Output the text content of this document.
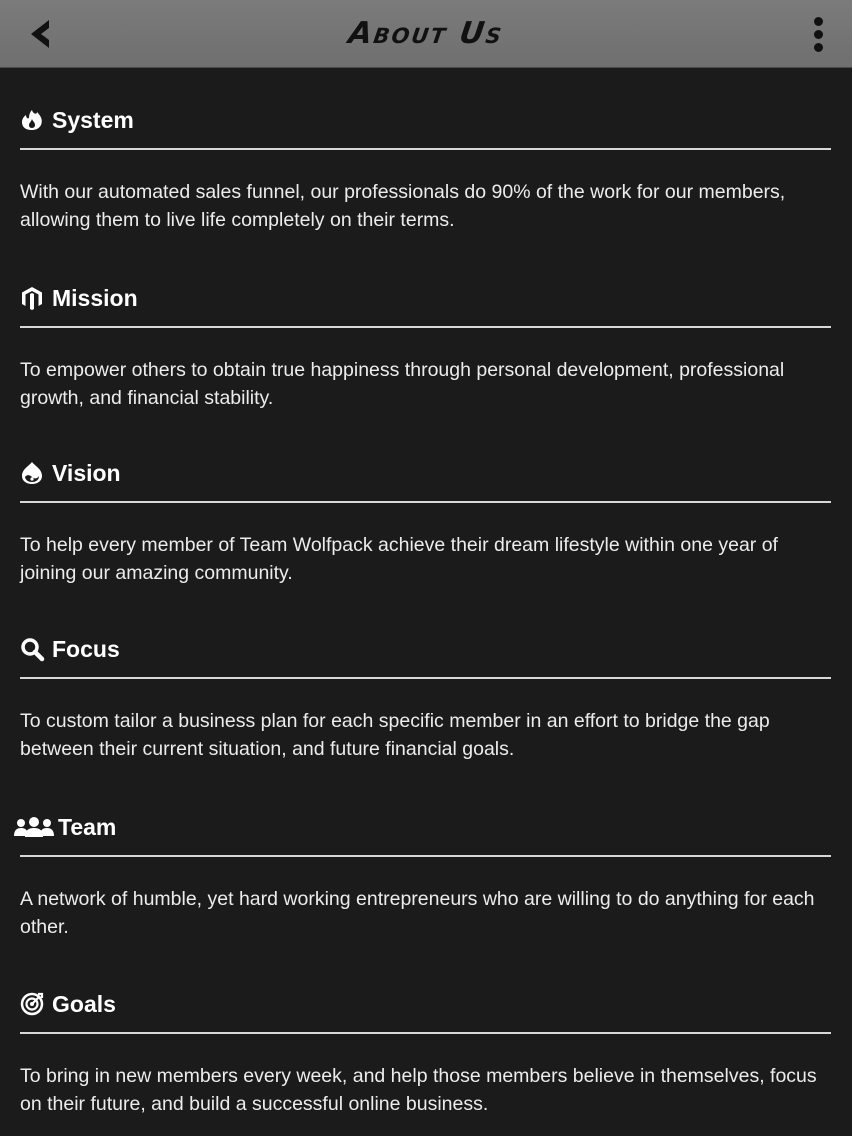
About Us
System
With our automated sales funnel, our professionals do 90% of the work for our members, allowing them to live life completely on their terms.
Mission
To empower others to obtain true happiness through personal development, professional growth, and financial stability.
Vision
To help every member of Team Wolfpack achieve their dream lifestyle within one year of joining our amazing community.
Focus
To custom tailor a business plan for each specific member in an effort to bridge the gap between their current situation, and future financial goals.
Team
A network of humble, yet hard working entrepreneurs who are willing to do anything for each other.
Goals
To bring in new members every week, and help those members believe in themselves, focus on their future, and build a successful online business.
